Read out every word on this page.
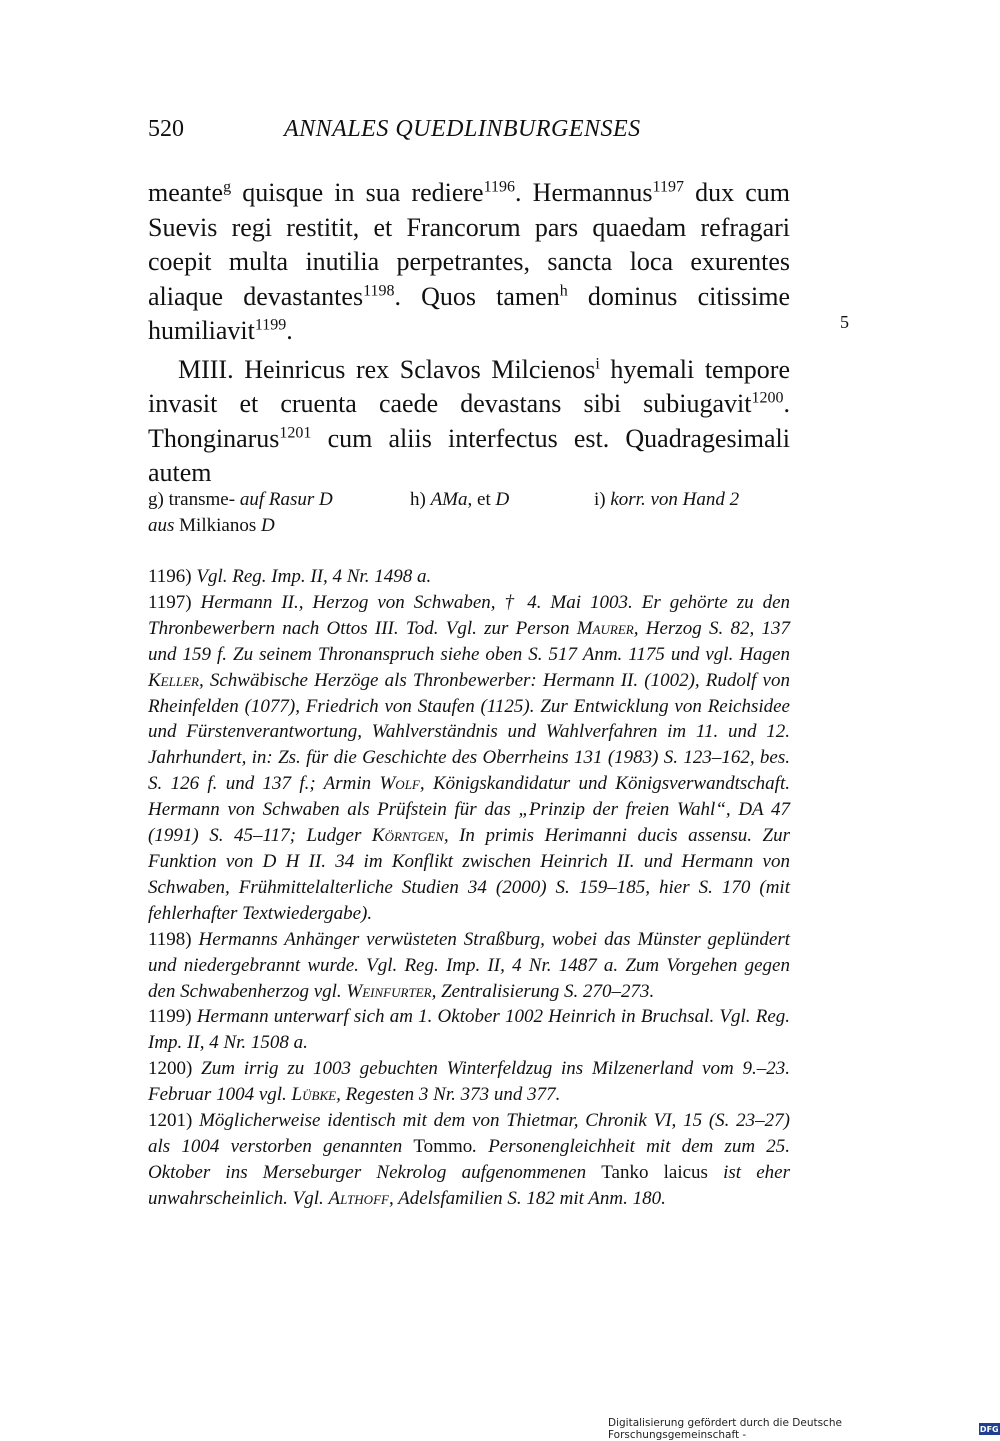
520	ANNALES QUEDLINBURGENSES

meante$^g$ quisque in sua rediere$^{1196}$. Hermannus$^{1197}$ dux cum Suevis regi restitit, et Francorum pars quaedam refragari coepit multa inutilia perpetrantes, sancta loca exurentes aliaque devastantes$^{1198}$. Quos tamen$^h$ dominus citissime humiliavit$^{1199}$.

MIII. Heinricus rex Sclavos Milcienos$^i$ hyemali tempore invasit et cruenta caede devastans sibi subiugavit$^{1200}$. Thonginarus$^{1201}$ cum aliis interfectus est. Quadragesimali autem

5
g) transme- auf Rasur D	h) AMa, et D	i) korr. von Hand 2
aus Milkianos D

1196) Vgl. Reg. Imp. II, 4 Nr. 1498 a.

1197) Hermann II., Herzog von Schwaben, † 4. Mai 1003. Er gehörte zu den Thronbewerbern nach Ottos III. Tod. Vgl. zur Person Maurer, Herzog S. 82, 137 und 159 f. Zu seinem Thronanspruch siehe oben S. 517 Anm. 1175 und vgl. Hagen Keller, Schwäbische Herzöge als Thronbewerber: Hermann II. (1002), Rudolf von Rheinfelden (1077), Friedrich von Staufen (1125). Zur Entwicklung von Reichsidee und Fürstenverantwortung, Wahlverständnis und Wahlverfahren im 11. und 12. Jahrhundert, in: Zs. für die Geschichte des Oberrheins 131 (1983) S. 123–162, bes. S. 126 f. und 137 f.; Armin Wolf, Königskandidatur und Königsverwandtschaft. Hermann von Schwaben als Prüfstein für das „Prinzip der freien Wahl“, DA 47 (1991) S. 45–117; Ludger Körntgen, In primis Herimanni ducis assensu. Zur Funktion von D H II. 34 im Konflikt zwischen Heinrich II. und Hermann von Schwaben, Frühmittelalterliche Studien 34 (2000) S. 159–185, hier S. 170 (mit fehlerhafter Textwiedergabe).

1198) Hermanns Anhänger verwüsteten Straßburg, wobei das Münster geplündert und niedergebrannt wurde. Vgl. Reg. Imp. II, 4 Nr. 1487 a. Zum Vorgehen gegen den Schwabenherzog vgl. Weinfurter, Zentralisierung S. 270–273.

1199) Hermann unterwarf sich am 1. Oktober 1002 Heinrich in Bruchsal. Vgl. Reg. Imp. II, 4 Nr. 1508 a.

1200) Zum irrig zu 1003 gebuchten Winterfeldzug ins Milzenerland vom 9.–23. Februar 1004 vgl. Lübke, Regesten 3 Nr. 373 und 377.

1201) Möglicherweise identisch mit dem von Thietmar, Chronik VI, 15 (S. 23–27) als 1004 verstorben genannten Tommo. Personengleichheit mit dem zum 25. Oktober ins Merseburger Nekrolog aufgenommenen Tanko laicus ist eher unwahrscheinlich. Vgl. Althoff, Adelsfamilien S. 182 mit Anm. 180.

Digitalisierung gefördert durch die Deutsche Forschungsgemeinschaft -	DFG
